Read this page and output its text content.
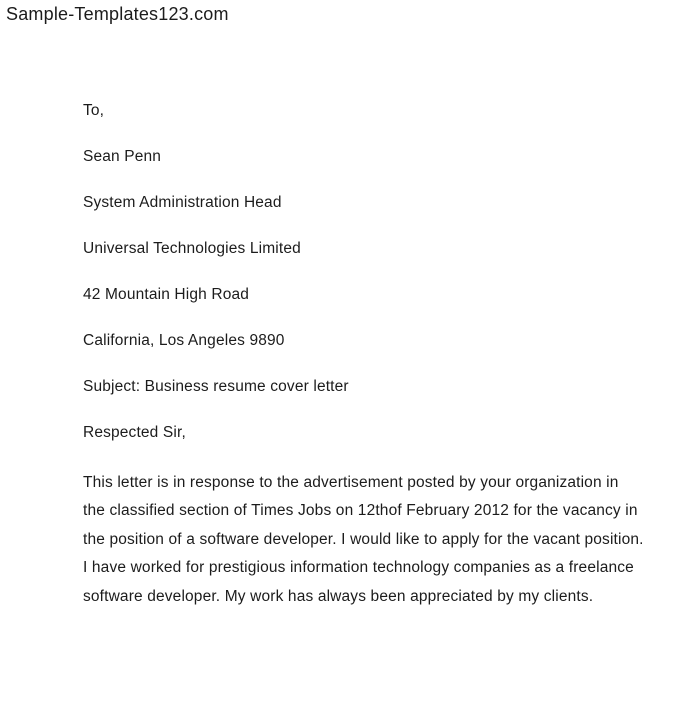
Sample-Templates123.com
To,
Sean Penn
System Administration Head
Universal Technologies Limited
42 Mountain High Road
California, Los Angeles 9890
Subject: Business resume cover letter
Respected Sir,
This letter is in response to the advertisement posted by your organization in
the classified section of Times Jobs on 12thof February 2012 for the vacancy in
the position of a software developer. I would like to apply for the vacant position.
I have worked for prestigious information technology companies as a freelance
software developer. My work has always been appreciated by my clients.
